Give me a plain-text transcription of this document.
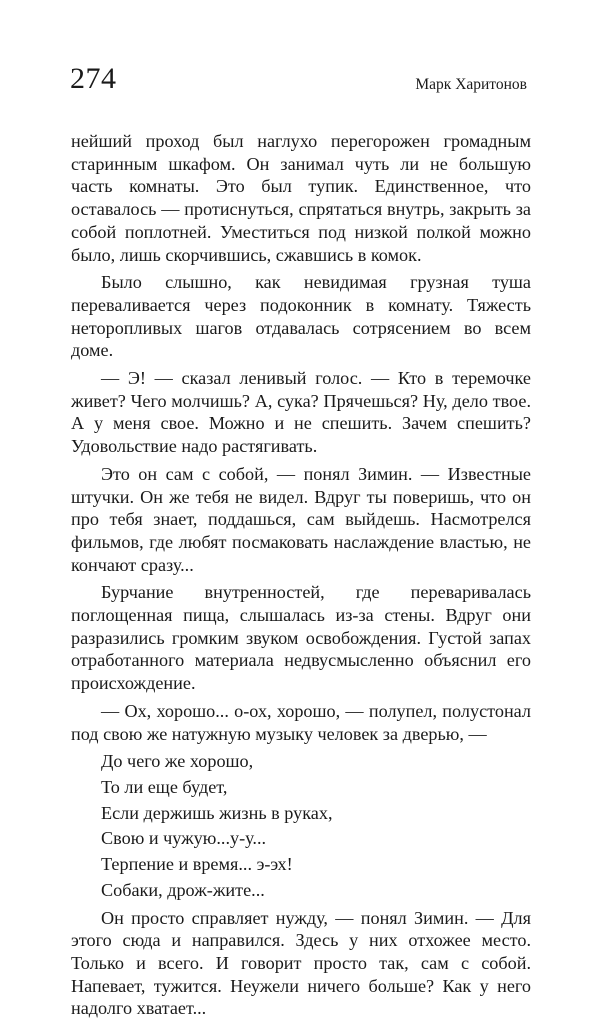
274	Марк Харитонов

нейший проход был наглухо перегорожен громадным старинным шкафом. Он занимал чуть ли не большую часть комнаты. Это был тупик. Единственное, что оставалось — протиснуться, спрятаться внутрь, закрыть за собой поплотней. Уместиться под низкой полкой можно было, лишь скорчившись, сжавшись в комок.

Было слышно, как невидимая грузная туша переваливается через подоконник в комнату. Тяжесть неторопливых шагов отдавалась сотрясением во всем доме.

— Э! — сказал ленивый голос. — Кто в теремочке живет? Чего молчишь? А, сука? Прячешься? Ну, дело твое. А у меня свое. Можно и не спешить. Зачем спешить? Удовольствие надо растягивать.

Это он сам с собой, — понял Зимин. — Известные штучки. Он же тебя не видел. Вдруг ты поверишь, что он про тебя знает, поддашься, сам выйдешь. Насмотрелся фильмов, где любят посмаковать наслаждение властью, не кончают сразу...

Бурчание внутренностей, где переваривалась поглощенная пища, слышалась из-за стены. Вдруг они разразились громким звуком освобождения. Густой запах отработанного материала недвусмысленно объяснил его происхождение.

— Ох, хорошо... о-ох, хорошо, — полупел, полустонал под свою же натужную музыку человек за дверью, —

До чего же хорошо,
То ли еще будет,
Если держишь жизнь в руках,
Свою и чужую...у-у...
Терпение и время... э-эх!
Собаки, дрож-жите...

Он просто справляет нужду, — понял Зимин. — Для этого сюда и направился. Здесь у них отхожее место. Только и всего. И говорит просто так, сам с собой. Напевает, тужится. Неужели ничего больше? Как у него надолго хватает...
